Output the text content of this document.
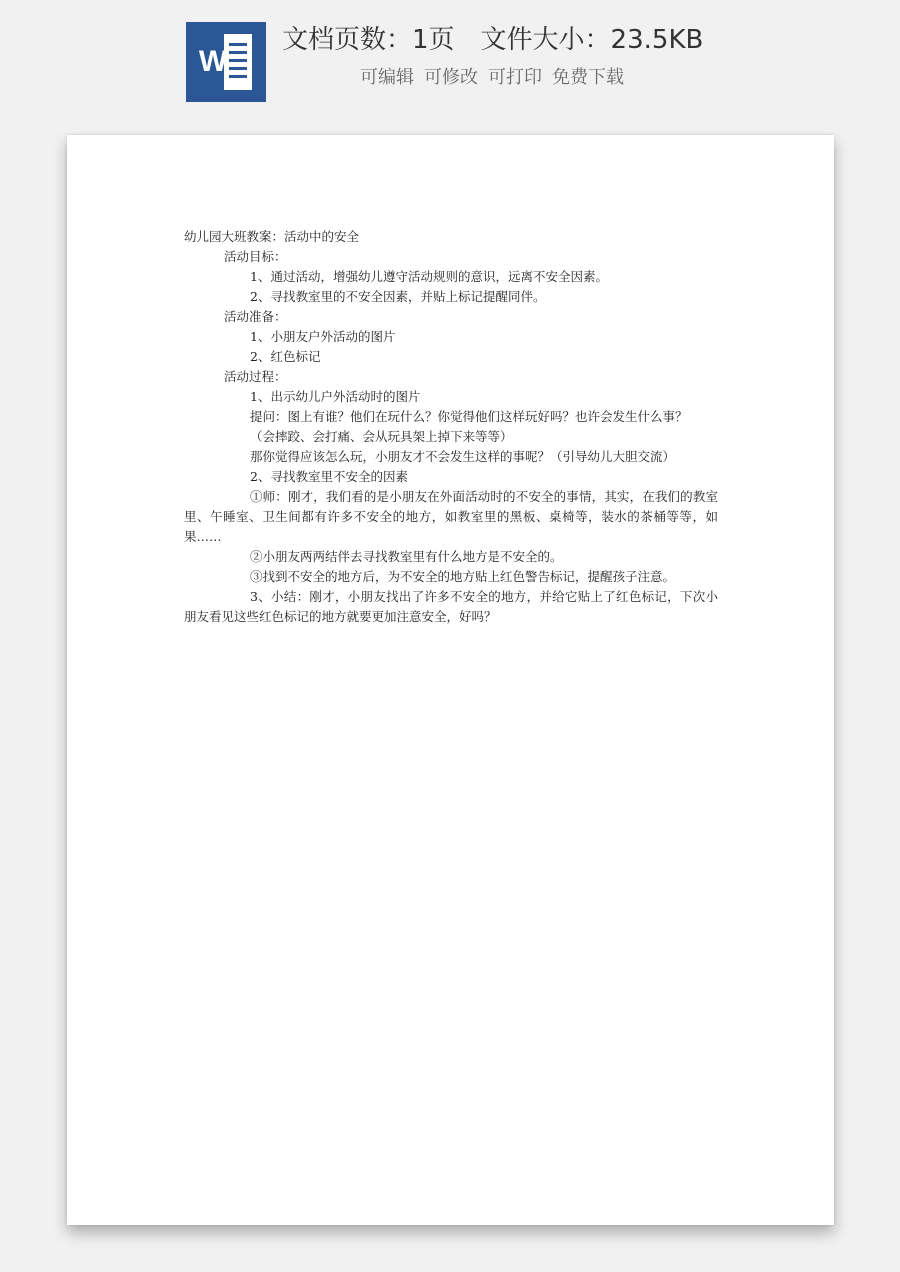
W
文档页数：1页 文件大小：23.5KB
可编辑 可修改 可打印 免费下载

幼儿园大班教案：活动中的安全

活动目标：

1、通过活动，增强幼儿遵守活动规则的意识，远离不安全因素。

2、寻找教室里的不安全因素，并贴上标记提醒同伴。

活动准备：

1、小朋友户外活动的图片

2、红色标记

活动过程：

1、出示幼儿户外活动时的图片

提问：图上有谁？他们在玩什么？你觉得他们这样玩好吗？也许会发生什么事？

（会摔跤、会打痛、会从玩具架上掉下来等等）

那你觉得应该怎么玩，小朋友才不会发生这样的事呢？（引导幼儿大胆交流）

2、寻找教室里不安全的因素

①师：刚才，我们看的是小朋友在外面活动时的不安全的事情，其实，在我们的教室里、午睡室、卫生间都有许多不安全的地方，如教室里的黑板、桌椅等，装水的茶桶等等，如果……

②小朋友两两结伴去寻找教室里有什么地方是不安全的。

③找到不安全的地方后，为不安全的地方贴上红色警告标记，提醒孩子注意。

3、小结：刚才，小朋友找出了许多不安全的地方，并给它贴上了红色标记，下次小朋友看见这些红色标记的地方就要更加注意安全，好吗？
